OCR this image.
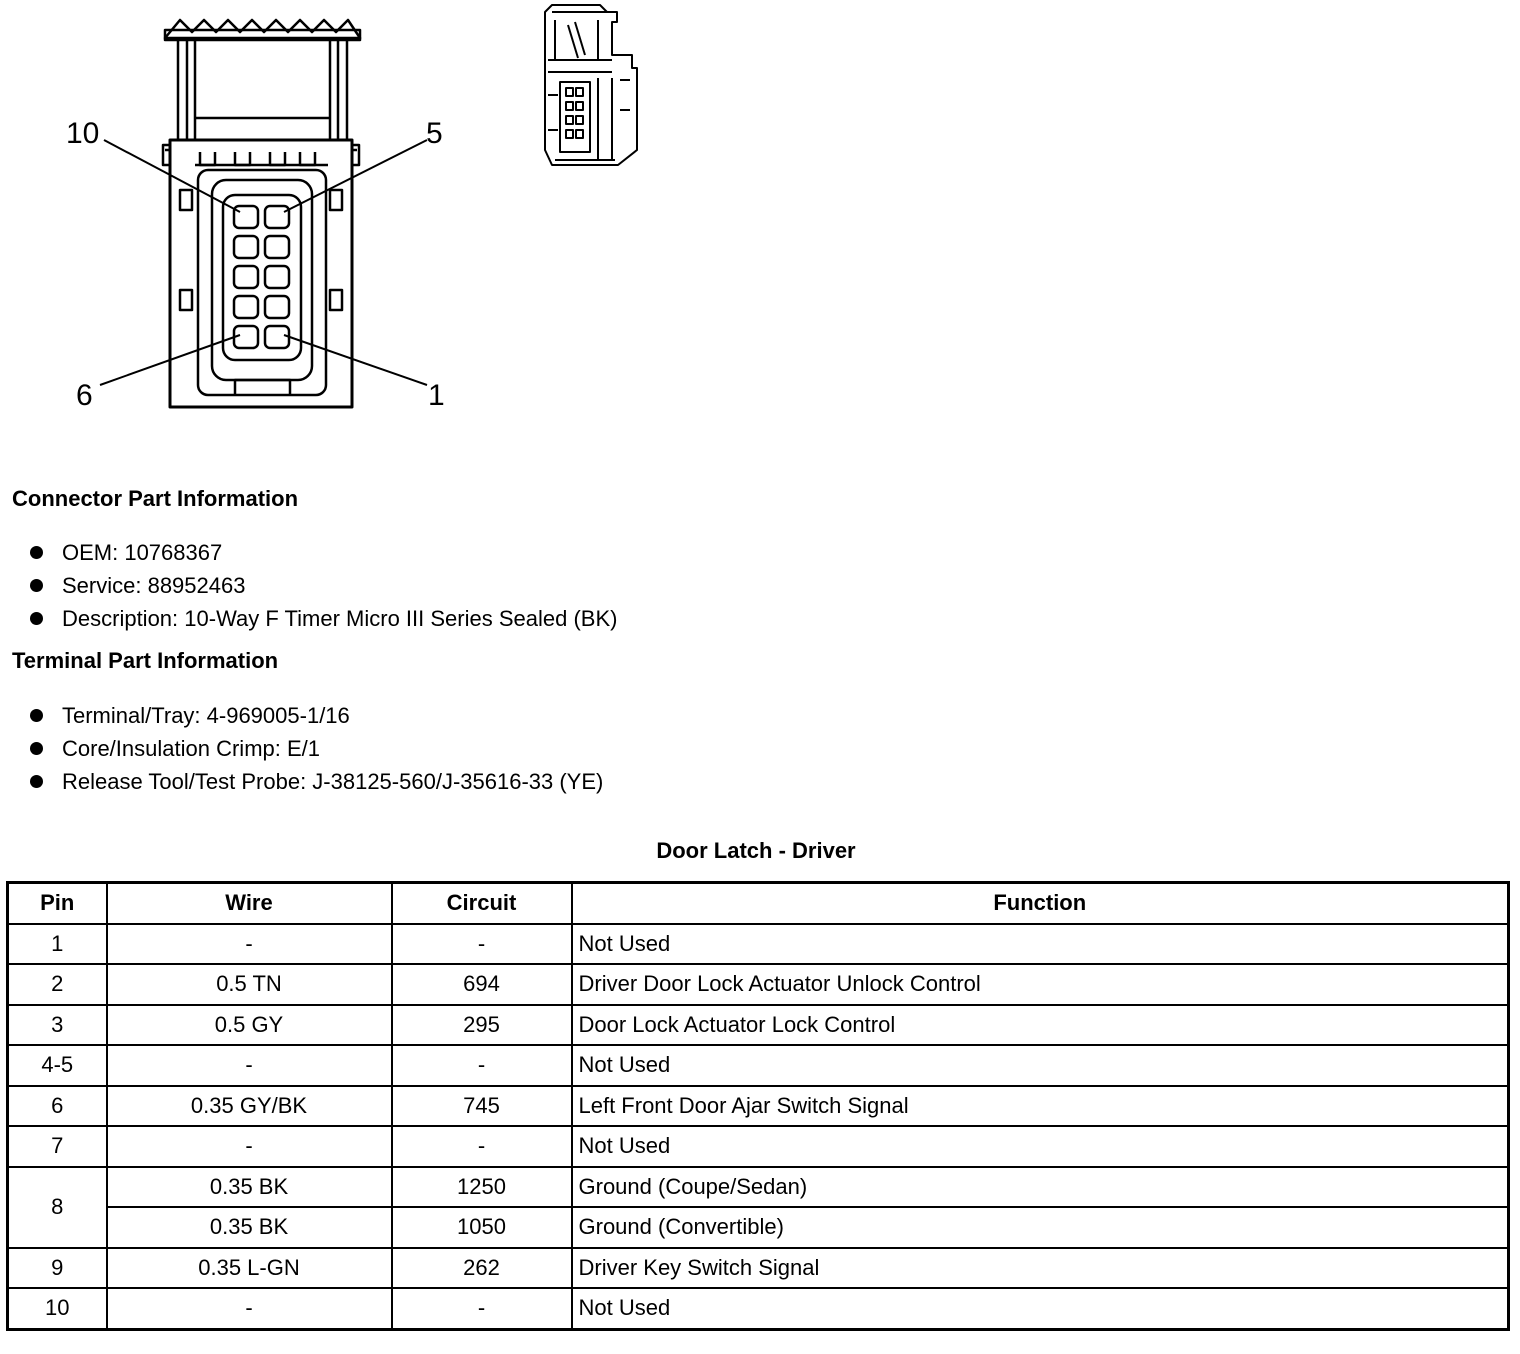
10	5
6	1
Connector Part Information
OEM: 10768367
Service: 88952463
Description: 10-Way F Timer Micro III Series Sealed (BK)
Terminal Part Information
Terminal/Tray: 4-969005-1/16
Core/Insulation Crimp: E/1
Release Tool/Test Probe: J-38125-560/J-35616-33 (YE)
Door Latch - Driver
Pin	Wire	Circuit	Function
1	-	-	Not Used
2	0.5 TN	694	Driver Door Lock Actuator Unlock Control
3	0.5 GY	295	Door Lock Actuator Lock Control
4-5	-	-	Not Used
6	0.35 GY/BK	745	Left Front Door Ajar Switch Signal
7	-	-	Not Used
8	0.35 BK	1250	Ground (Coupe/Sedan)
	0.35 BK	1050	Ground (Convertible)
9	0.35 L-GN	262	Driver Key Switch Signal
10	-	-	Not Used
